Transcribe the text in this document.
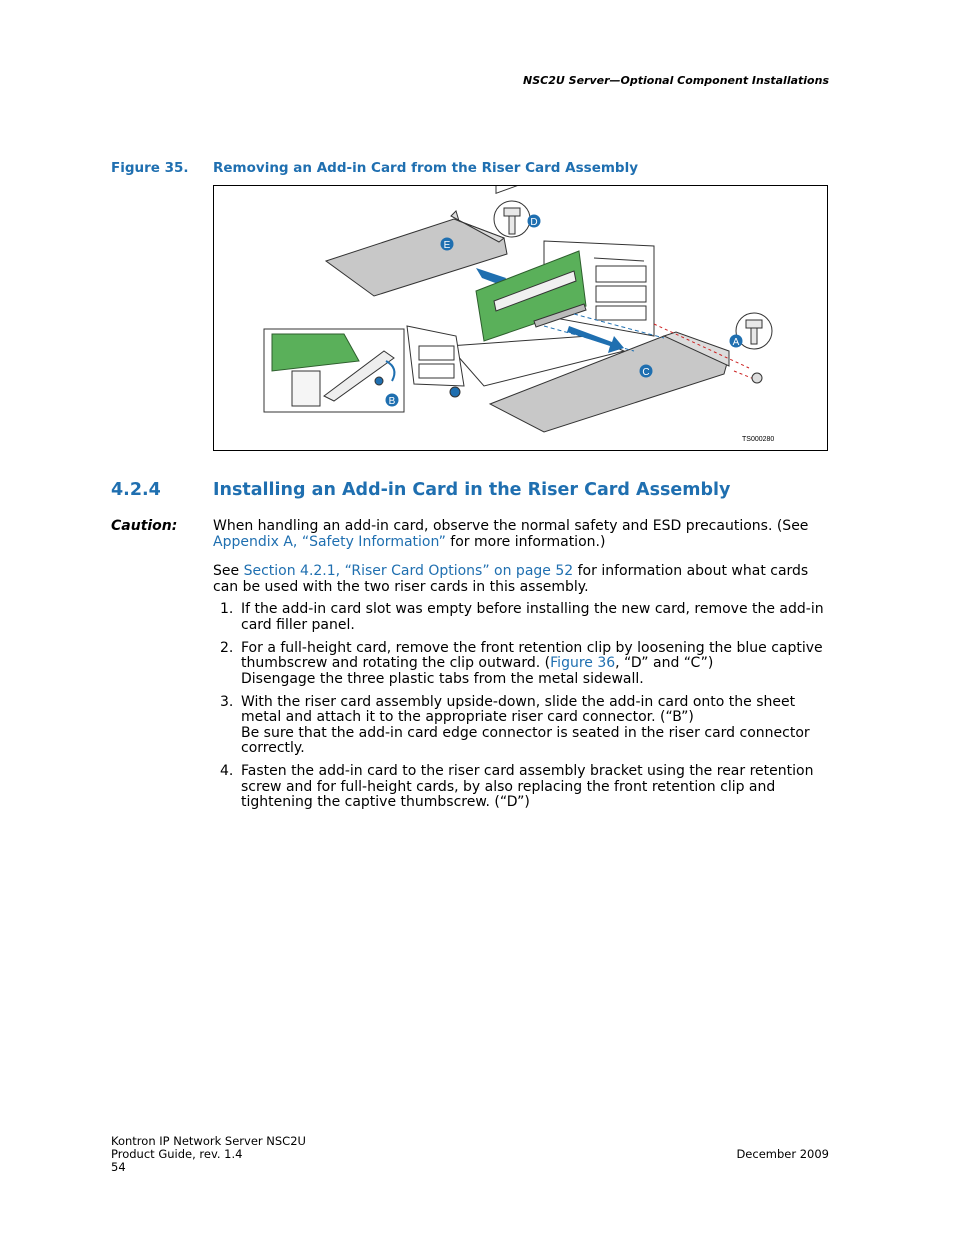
NSC2U Server—Optional Component Installations
Figure 35. Removing an Add-in Card from the Riser Card Assembly
E
D
A
C
B
TS000280
4.2.4	Installing an Add-in Card in the Riser Card Assembly
Caution:	When handling an add-in card, observe the normal safety and ESD precautions. (See Appendix A, “Safety Information” for more information.)
See Section 4.2.1, “Riser Card Options” on page 52 for information about what cards can be used with the two riser cards in this assembly.
1. If the add-in card slot was empty before installing the new card, remove the add-in card filler panel.
2. For a full-height card, remove the front retention clip by loosening the blue captive thumbscrew and rotating the clip outward. (Figure 36, “D” and “C”)
Disengage the three plastic tabs from the metal sidewall.
3. With the riser card assembly upside-down, slide the add-in card onto the sheet metal and attach it to the appropriate riser card connector. (“B”)
Be sure that the add-in card edge connector is seated in the riser card connector correctly.
4. Fasten the add-in card to the riser card assembly bracket using the rear retention screw and for full-height cards, by also replacing the front retention clip and tightening the captive thumbscrew. (“D”)
Kontron IP Network Server NSC2U
Product Guide, rev. 1.4
54
December 2009
